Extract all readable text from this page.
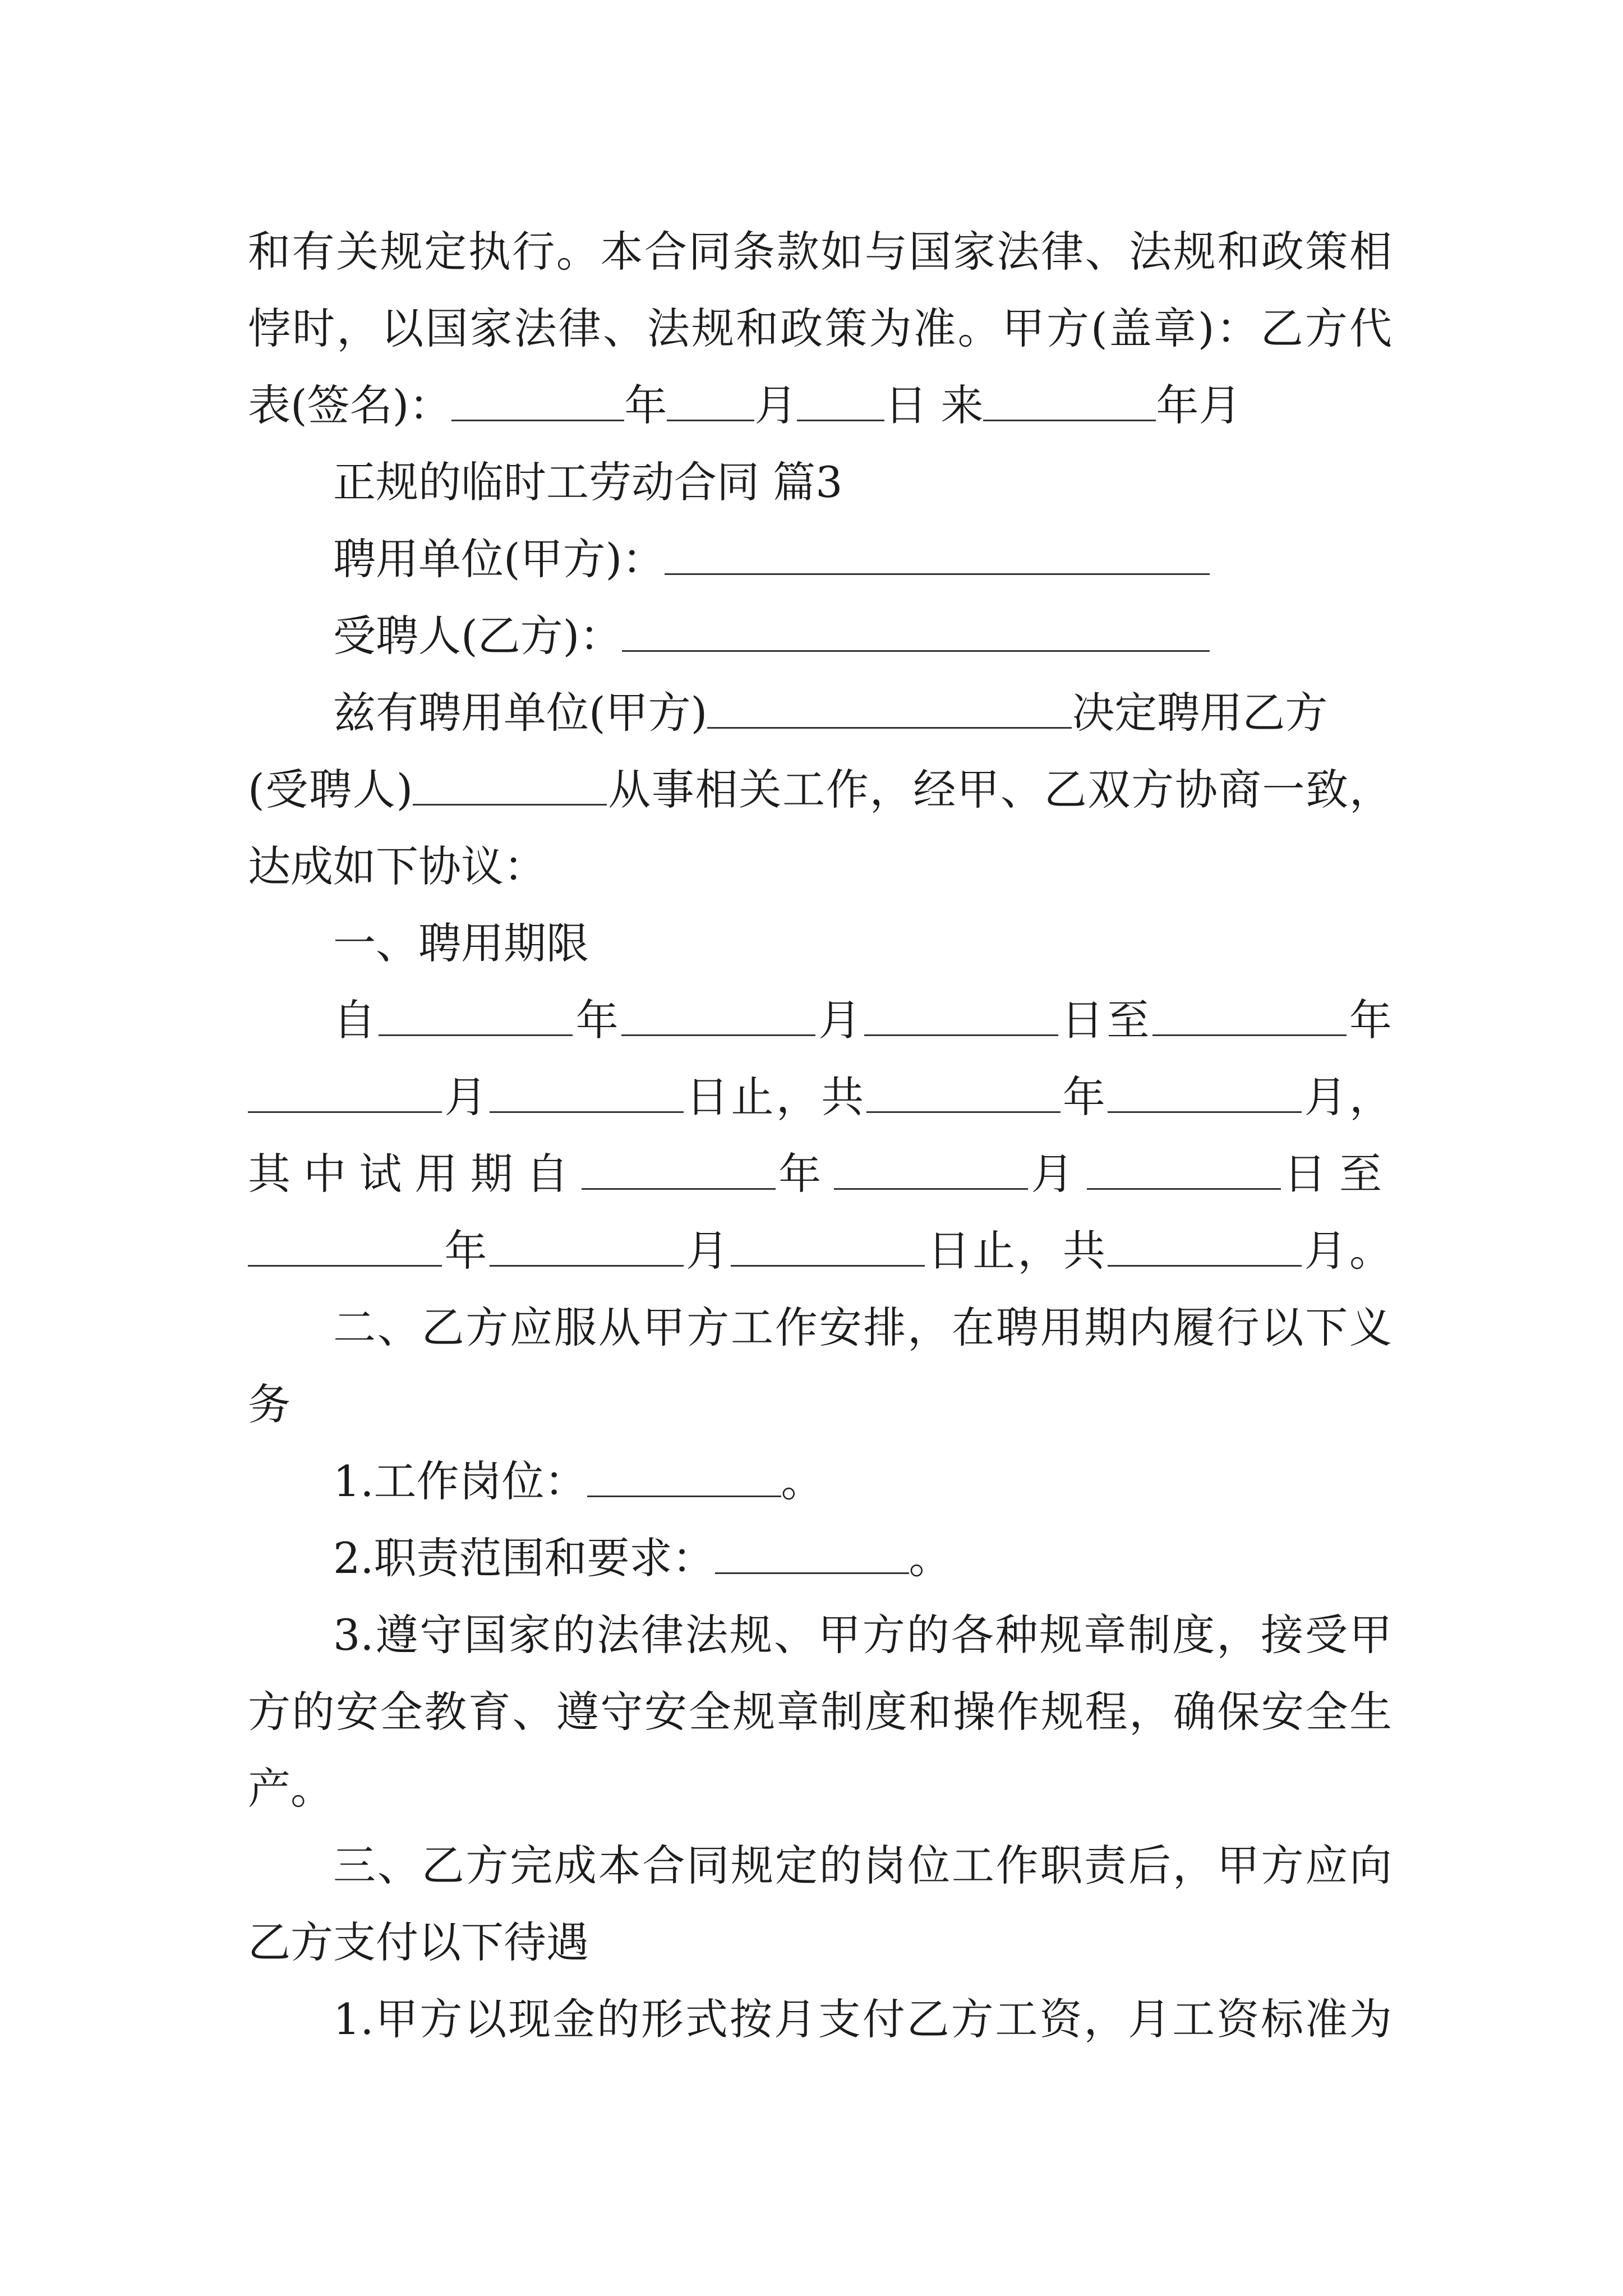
和有关规定执行。本合同条款如与国家法律、法规和政策相
悖时，以国家法律、法规和政策为准。甲方(盖章)：乙方代
表(签名)：	年 月 日 来	年月
正规的临时工劳动合同 篇3
聘用单位(甲方)：
受聘人(乙方)：
兹有聘用单位(甲方)	决定聘用乙方
(受聘人)	从事相关工作，经甲、乙双方协商一致，
达成如下协议：
一、聘用期限
自	年	月	日至	年
月	日止，共	年	月，
其中试用期自	年	月	日至
年	月	日止，共	月。
二、乙方应服从甲方工作安排，在聘用期内履行以下义
务
1.工作岗位：	。
2.职责范围和要求：	。
3.遵守国家的法律法规、甲方的各种规章制度，接受甲
方的安全教育、遵守安全规章制度和操作规程，确保安全生
产。
三、乙方完成本合同规定的岗位工作职责后，甲方应向
乙方支付以下待遇
1.甲方以现金的形式按月支付乙方工资，月工资标准为
